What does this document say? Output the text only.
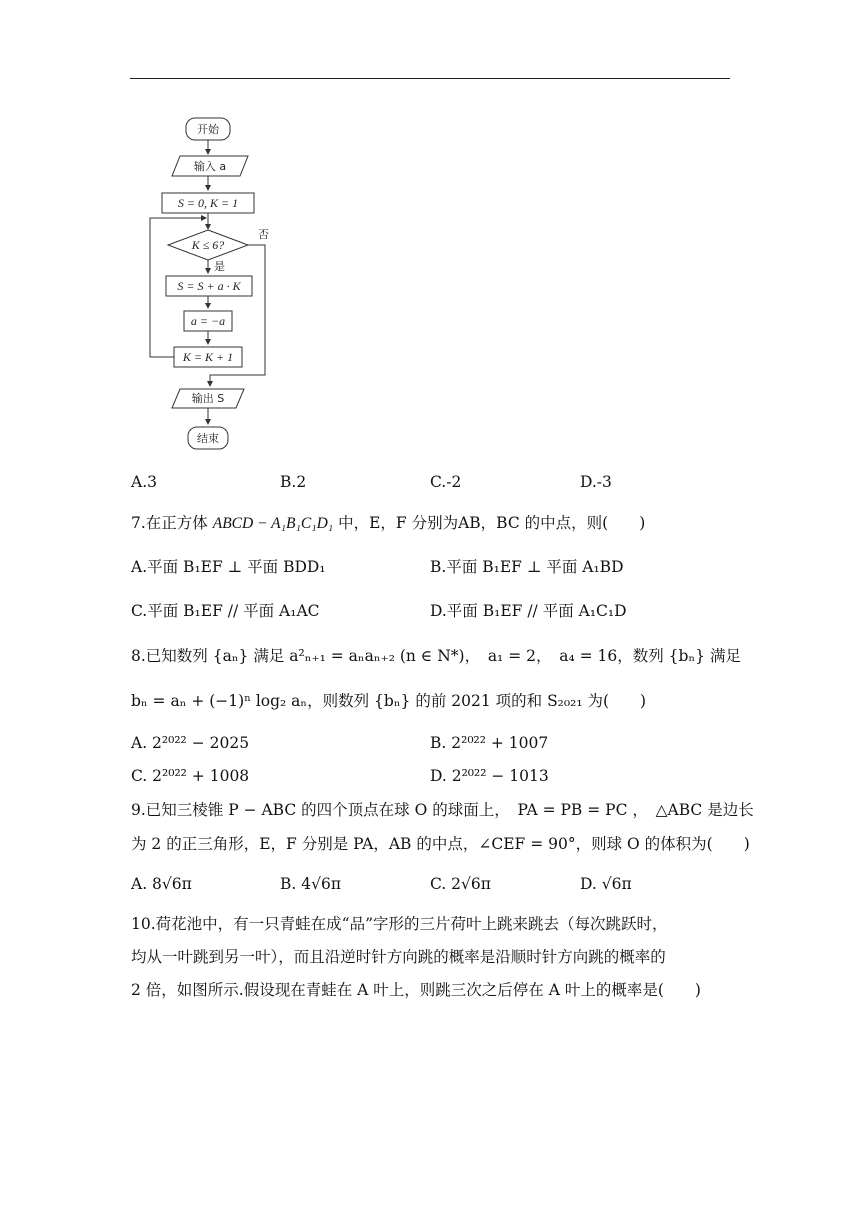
开始
输入 a
S = 0, K = 1
K ≤ 6?
否
是
S = S + a · K
a = −a
K = K + 1
输出 S
结束
A.3	B.2	C.-2	D.-3
7.在正方体 ABCD − A₁B₁C₁D₁ 中，E，F 分别为AB，BC 的中点，则(　　)
A.平面 B₁EF ⊥ 平面 BDD₁	B.平面 B₁EF ⊥ 平面 A₁BD
C.平面 B₁EF // 平面 A₁AC	D.平面 B₁EF // 平面 A₁C₁D
8.已知数列 {aₙ} 满足 a²ₙ₊₁ = aₙaₙ₊₂ (n ∈ N*)，　a₁ = 2，　a₄ = 16，数列 {bₙ} 满足
bₙ = aₙ + (−1)ⁿ log₂ aₙ，则数列 {bₙ} 的前 2021 项的和 S₂₀₂₁ 为(　　)
A. 2²⁰²² − 2025	B. 2²⁰²² + 1007
C. 2²⁰²² + 1008	D. 2²⁰²² − 1013
9.已知三棱锥 P − ABC 的四个顶点在球 O 的球面上，　PA = PB = PC ，　△ABC 是边长
为 2 的正三角形，E，F 分别是 PA，AB 的中点，∠CEF = 90°，则球 O 的体积为(　　)
A. 8√6π	B. 4√6π	C. 2√6π	D. √6π
10.荷花池中，有一只青蛙在成“品”字形的三片荷叶上跳来跳去（每次跳跃时，
均从一叶跳到另一叶），而且沿逆时针方向跳的概率是沿顺时针方向跳的概率的
2 倍，如图所示.假设现在青蛙在 A 叶上，则跳三次之后停在 A 叶上的概率是(　　)
